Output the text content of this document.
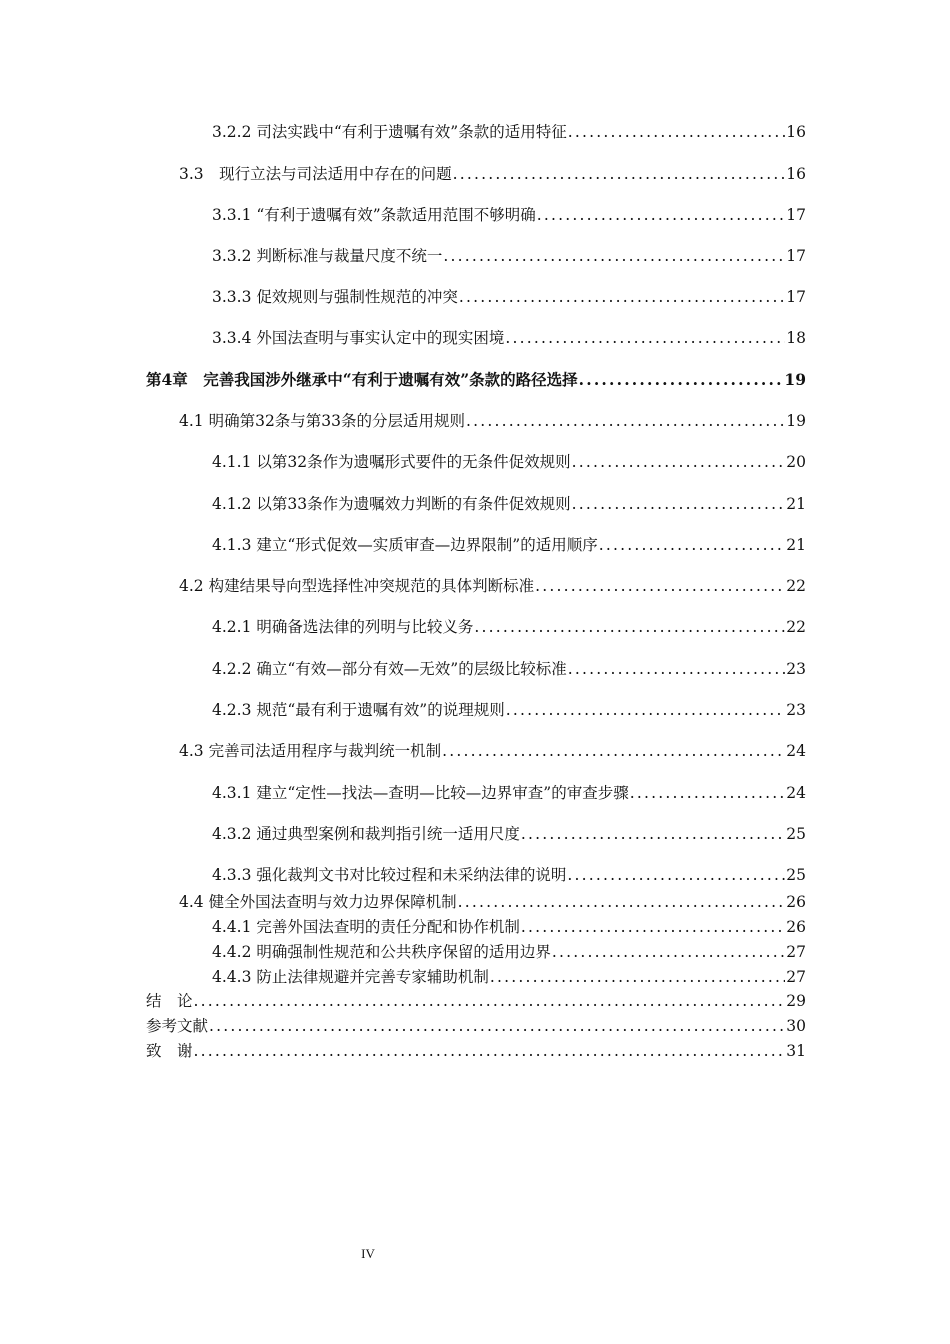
3.2.2 司法实践中“有利于遗嘱有效”条款的适用特征 .....	16
3.3　现行立法与司法适用中存在的问题 .....	16
3.3.1 “有利于遗嘱有效”条款适用范围不够明确 .....	17
3.3.2 判断标准与裁量尺度不统一 .....	17
3.3.3 促效规则与强制性规范的冲突 .....	17
3.3.4 外国法查明与事实认定中的现实困境 .....	18
第4章　完善我国涉外继承中“有利于遗嘱有效”条款的路径选择 .....	19
4.1 明确第32条与第33条的分层适用规则 .....	19
4.1.1 以第32条作为遗嘱形式要件的无条件促效规则 .....	20
4.1.2 以第33条作为遗嘱效力判断的有条件促效规则 .....	21
4.1.3 建立“形式促效—实质审查—边界限制”的适用顺序 .....	21
4.2 构建结果导向型选择性冲突规范的具体判断标准 .....	22
4.2.1 明确备选法律的列明与比较义务 .....	22
4.2.2 确立“有效—部分有效—无效”的层级比较标准 .....	23
4.2.3 规范“最有利于遗嘱有效”的说理规则 .....	23
4.3 完善司法适用程序与裁判统一机制 .....	24
4.3.1 建立“定性—找法—查明—比较—边界审查”的审查步骤 .....	24
4.3.2 通过典型案例和裁判指引统一适用尺度 .....	25
4.3.3 强化裁判文书对比较过程和未采纳法律的说明 .....	25
4.4 健全外国法查明与效力边界保障机制 .....	26
4.4.1 完善外国法查明的责任分配和协作机制 .....	26
4.4.2 明确强制性规范和公共秩序保留的适用边界 .....	27
4.4.3 防止法律规避并完善专家辅助机制 .....	27
结　论 .....	29
参考文献 .....	30
致　谢 .....	31
IV
